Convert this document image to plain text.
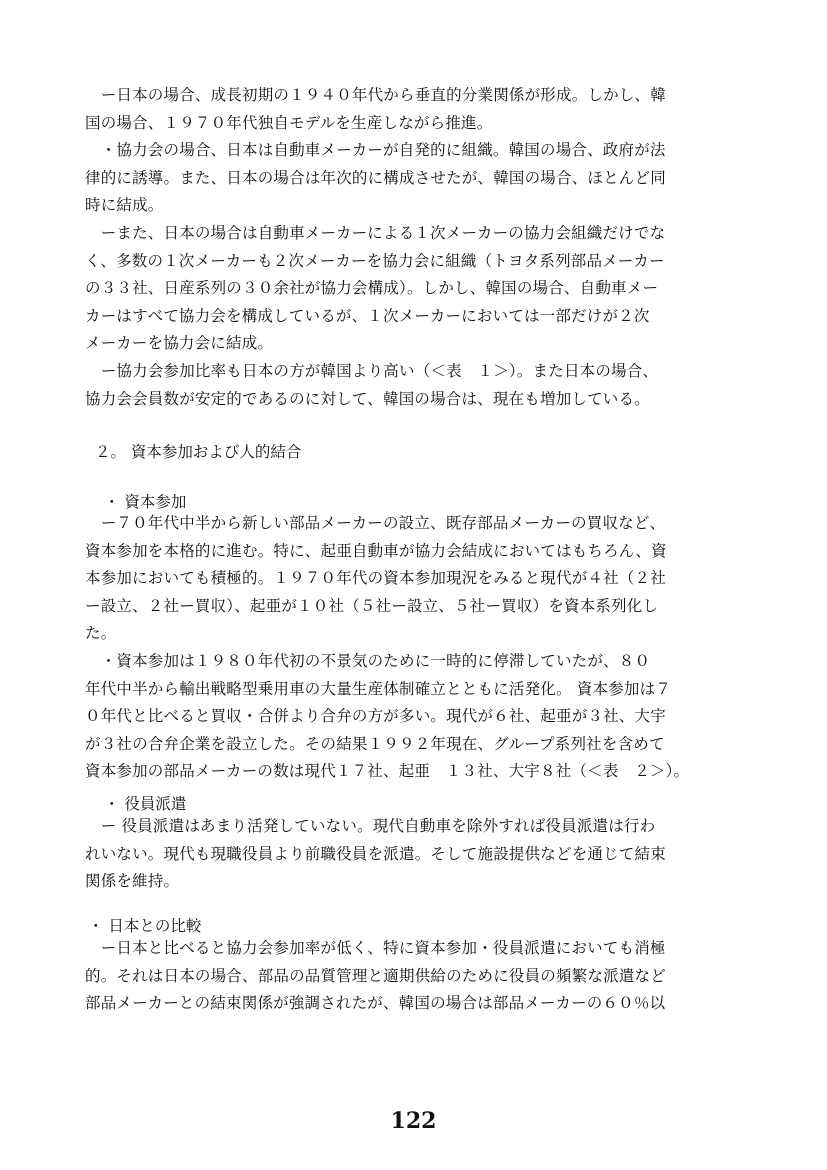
　ー日本の場合、成長初期の１９４０年代から垂直的分業関係が形成。しかし、韓
国の場合、１９７０年代独自モデルを生産しながら推進。
　・協力会の場合、日本は自動車メーカーが自発的に組織。韓国の場合、政府が法
律的に誘導。また、日本の場合は年次的に構成させたが、韓国の場合、ほとんど同
時に結成。
　ーまた、日本の場合は自動車メーカーによる１次メーカーの協力会組織だけでな
く、多数の１次メーカーも２次メーカーを協力会に組織（トヨタ系列部品メーカー
の３３社、日産系列の３０余社が協力会構成）。しかし、韓国の場合、自動車メー
カーはすべて協力会を構成しているが、１次メーカーにおいては一部だけが２次
メーカーを協力会に結成。
　ー協力会参加比率も日本の方が韓国より高い（＜表　１＞）。また日本の場合、
協力会会員数が安定的であるのに対して、韓国の場合は、現在も増加している。
２。 資本参加および人的結合
・ 資本参加
　ー７０年代中半から新しい部品メーカーの設立、既存部品メーカーの買収など、
資本参加を本格的に進む。特に、起亜自動車が協力会結成においてはもちろん、資
本参加においても積極的。１９７０年代の資本参加現況をみると現代が４社（２社
ー設立、２社ー買収）、起亜が１０社（５社ー設立、５社ー買収）を資本系列化し
た。
　・資本参加は１９８０年代初の不景気のために一時的に停滞していたが、８０
年代中半から輸出戦略型乗用車の大量生産体制確立とともに活発化。 資本参加は７
０年代と比べると買収・合併より合弁の方が多い。現代が６社、起亜が３社、大宇
が３社の合弁企業を設立した。その結果１９９２年現在、グループ系列社を含めて
資本参加の部品メーカーの数は現代１７社、起亜　１３社、大宇８社（＜表　２＞）。
・ 役員派遣
　ー 役員派遣はあまり活発していない。現代自動車を除外すれば役員派遣は行わ
れいない。現代も現職役員より前職役員を派遣。そして施設提供などを通じて結束
関係を維持。
・ 日本との比較
　ー日本と比べると協力会参加率が低く、特に資本参加・役員派遣においても消極
的。それは日本の場合、部品の品質管理と適期供給のために役員の頻繁な派遣など
部品メーカーとの結束関係が強調されたが、韓国の場合は部品メーカーの６０％以
122
